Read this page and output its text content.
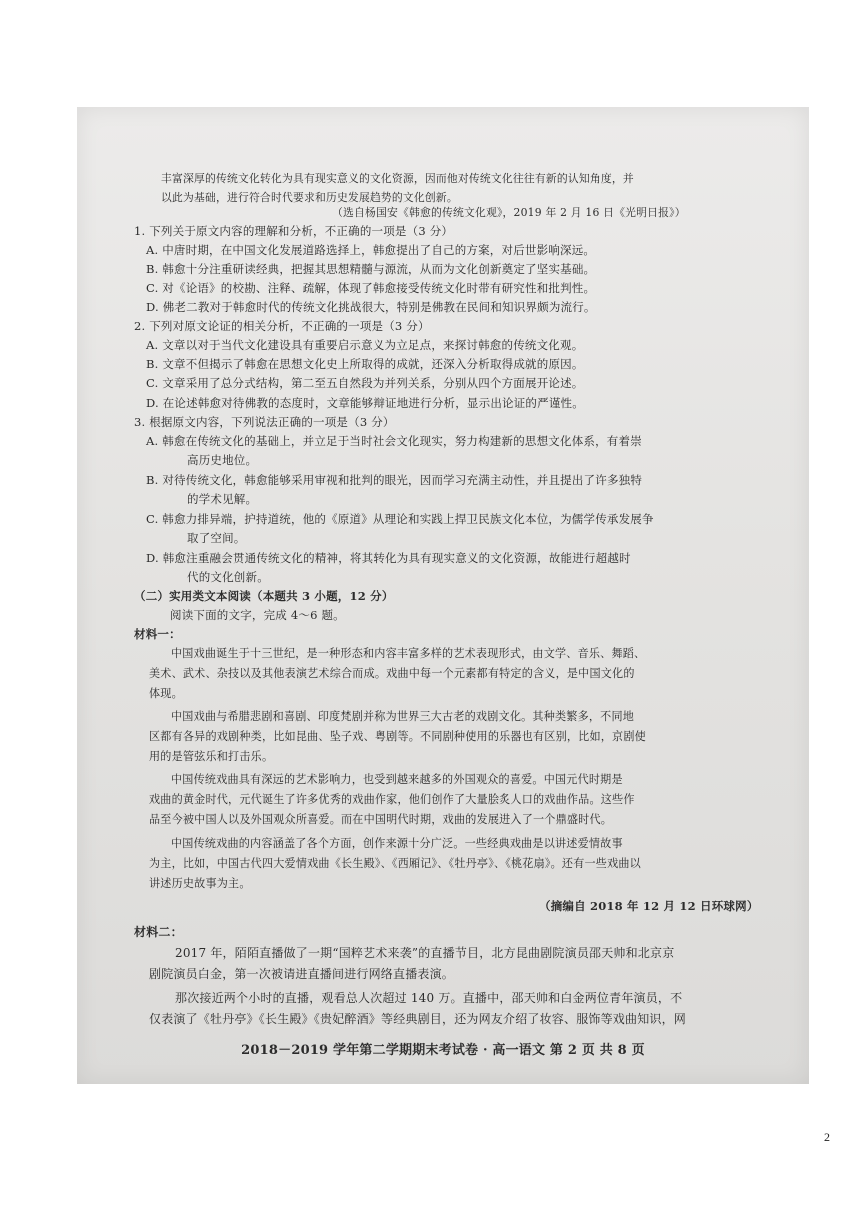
丰富深厚的传统文化转化为具有现实意义的文化资源，因而他对传统文化往往有新的认知角度，并
以此为基础，进行符合时代要求和历史发展趋势的文化创新。
（选自杨国安《韩愈的传统文化观》，2019 年 2 月 16 日《光明日报》）
1. 下列关于原文内容的理解和分析，不正确的一项是（3 分）
A. 中唐时期，在中国文化发展道路选择上，韩愈提出了自己的方案，对后世影响深远。
B. 韩愈十分注重研读经典，把握其思想精髓与源流，从而为文化创新奠定了坚实基础。
C. 对《论语》的校勘、注释、疏解，体现了韩愈接受传统文化时带有研究性和批判性。
D. 佛老二教对于韩愈时代的传统文化挑战很大，特别是佛教在民间和知识界颇为流行。
2. 下列对原文论证的相关分析，不正确的一项是（3 分）
A. 文章以对于当代文化建设具有重要启示意义为立足点，来探讨韩愈的传统文化观。
B. 文章不但揭示了韩愈在思想文化史上所取得的成就，还深入分析取得成就的原因。
C. 文章采用了总分式结构，第二至五自然段为并列关系，分别从四个方面展开论述。
D. 在论述韩愈对待佛教的态度时，文章能够辩证地进行分析，显示出论证的严谨性。
3. 根据原文内容，下列说法正确的一项是（3 分）
A. 韩愈在传统文化的基础上，并立足于当时社会文化现实，努力构建新的思想文化体系，有着崇
高历史地位。
B. 对待传统文化，韩愈能够采用审视和批判的眼光，因而学习充满主动性，并且提出了许多独特
的学术见解。
C. 韩愈力排异端，护持道统，他的《原道》从理论和实践上捍卫民族文化本位，为儒学传承发展争
取了空间。
D. 韩愈注重融会贯通传统文化的精神，将其转化为具有现实意义的文化资源，故能进行超越时
代的文化创新。
（二）实用类文本阅读（本题共 3 小题，12 分）
阅读下面的文字，完成 4～6 题。
材料一：
中国戏曲诞生于十三世纪，是一种形态和内容丰富多样的艺术表现形式，由文学、音乐、舞蹈、
美术、武术、杂技以及其他表演艺术综合而成。戏曲中每一个元素都有特定的含义，是中国文化的
体现。
中国戏曲与希腊悲剧和喜剧、印度梵剧并称为世界三大古老的戏剧文化。其种类繁多，不同地
区都有各异的戏剧种类，比如昆曲、坠子戏、粤剧等。不同剧种使用的乐器也有区别，比如，京剧使
用的是管弦乐和打击乐。
中国传统戏曲具有深远的艺术影响力，也受到越来越多的外国观众的喜爱。中国元代时期是
戏曲的黄金时代，元代诞生了许多优秀的戏曲作家，他们创作了大量脍炙人口的戏曲作品。这些作
品至今被中国人以及外国观众所喜爱。而在中国明代时期，戏曲的发展进入了一个鼎盛时代。
中国传统戏曲的内容涵盖了各个方面，创作来源十分广泛。一些经典戏曲是以讲述爱情故事
为主，比如，中国古代四大爱情戏曲《长生殿》、《西厢记》、《牡丹亭》、《桃花扇》。还有一些戏曲以
讲述历史故事为主。
（摘编自 2018 年 12 月 12 日环球网）
材料二：
2017 年，陌陌直播做了一期“国粹艺术来袭”的直播节目，北方昆曲剧院演员邵天帅和北京京
剧院演员白金，第一次被请进直播间进行网络直播表演。
那次接近两个小时的直播，观看总人次超过 140 万。直播中，邵天帅和白金两位青年演员，不
仅表演了《牡丹亭》《长生殿》《贵妃醉酒》等经典剧目，还为网友介绍了妆容、服饰等戏曲知识，网
2018－2019 学年第二学期期末考试卷 · 高一语文 第 2 页 共 8 页
2
